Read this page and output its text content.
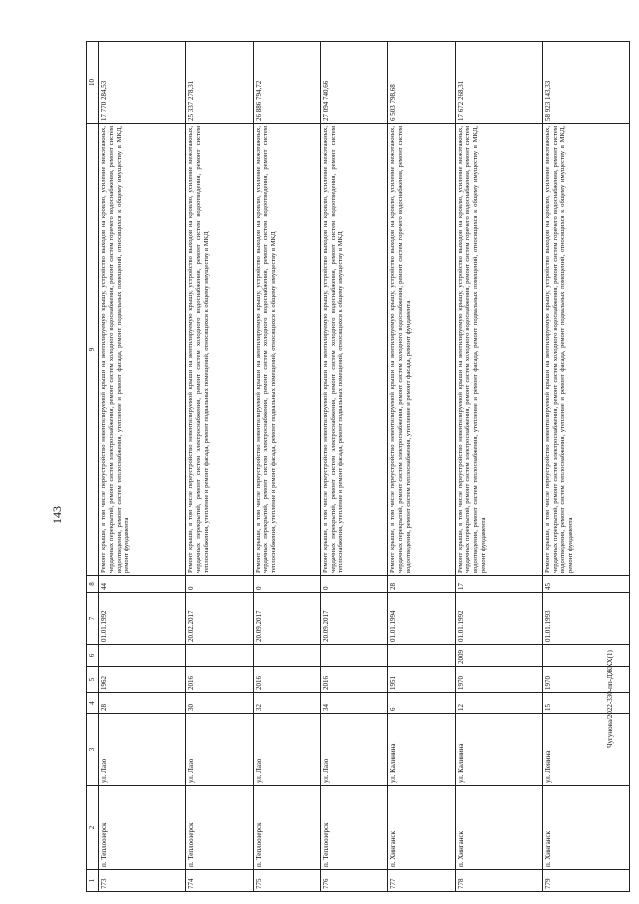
143
Чугунова/2022-330-пп-ДЖКХ(1)
1	2	3	4	5	6	7	8	9	10
773	п. Теплоозерск	ул. Лазо	28	1962		01.01.1992	44	Ремонт крыши, в том числе переустройство невентилируемой крыши на вентилируемую крышу, устройство выходов на кровлю, усиление межэтажных, чердачных перекрытий, ремонт систем электроснабжения, ремонт систем холодного водоснабжения, ремонт систем горячего водоснабжения, ремонт систем водоотведения, ремонт систем теплоснабжения, утепление и ремонт фасада, ремонт подвальных помещений, относящихся к общему имуществу в МКД, ремонт фундамента	17 770 284,53
774	п. Теплоозерск	ул. Лазо	30	2016		20.02.2017	0	Ремонт крыши, в том числе переустройство невентилируемой крыши на вентилируемую крышу, устройство выходов на кровлю, усиление межэтажных, чердачных перекрытий, ремонт систем электроснабжения, ремонт систем холодного водоснабжения, ремонт систем водоотведения, ремонт систем теплоснабжения, утепление и ремонт фасада, ремонт подвальных помещений, относящихся к общему имуществу в МКД	25 337 278,31
775	п. Теплоозерск	ул. Лазо	32	2016		20.09.2017	0	Ремонт крыши, в том числе переустройство невентилируемой крыши на вентилируемую крышу, устройство выходов на кровлю, усиление межэтажных, чердачных перекрытий, ремонт систем электроснабжения, ремонт систем холодного водоснабжения, ремонт систем водоотведения, ремонт систем теплоснабжения, утепление и ремонт фасада, ремонт подвальных помещений, относящихся к общему имуществу в МКД	26 886 794,72
776	п. Теплоозерск	ул. Лазо	34	2016		20.09.2017	0	Ремонт крыши, в том числе переустройство невентилируемой крыши на вентилируемую крышу, устройство выходов на кровлю, усиление межэтажных, чердачных перекрытий, ремонт систем электроснабжения, ремонт систем холодного водоснабжения, ремонт систем водоотведения, ремонт систем теплоснабжения, утепление и ремонт фасада, ремонт подвальных помещений, относящихся к общему имуществу в МКД	27 094 740,66
777	п. Хинганск	ул. Калинина	6	1951		01.01.1994	28	Ремонт крыши, в том числе переустройство невентилируемой крыши на вентилируемую крышу, устройство выходов на кровлю, усиление межэтажных, чердачных перекрытий, ремонт систем электроснабжения, ремонт систем холодного водоснабжения, ремонт систем горячего водоснабжения, ремонт систем водоотведения, ремонт систем теплоснабжения, утепление и ремонт фасада, ремонт фундамента	6 503 798,68
778	п. Хинганск	ул. Калинина	12	1970	2009	01.01.1992	17	Ремонт крыши, в том числе переустройство невентилируемой крыши на вентилируемую крышу, устройство выходов на кровлю, усиление межэтажных, чердачных перекрытий, ремонт систем электроснабжения, ремонт систем холодного водоснабжения, ремонт систем горячего водоснабжения, ремонт систем водоотведения, ремонт систем теплоснабжения, утепление и ремонт фасада, ремонт подвальных помещений, относящихся к общему имуществу в МКД, ремонт фундамента	17 672 268,31
779	п. Хинганск	ул. Ленина	15	1970		01.01.1993	45	Ремонт крыши, в том числе переустройство невентилируемой крыши на вентилируемую крышу, устройство выходов на кровлю, усиление межэтажных, чердачных перекрытий, ремонт систем электроснабжения, ремонт систем холодного водоснабжения, ремонт систем горячего водоснабжения, ремонт систем водоотведения, ремонт систем теплоснабжения, утепление и ремонт фасада, ремонт подвальных помещений, относящихся к общему имуществу в МКД, ремонт фундамента	58 923 143,33
